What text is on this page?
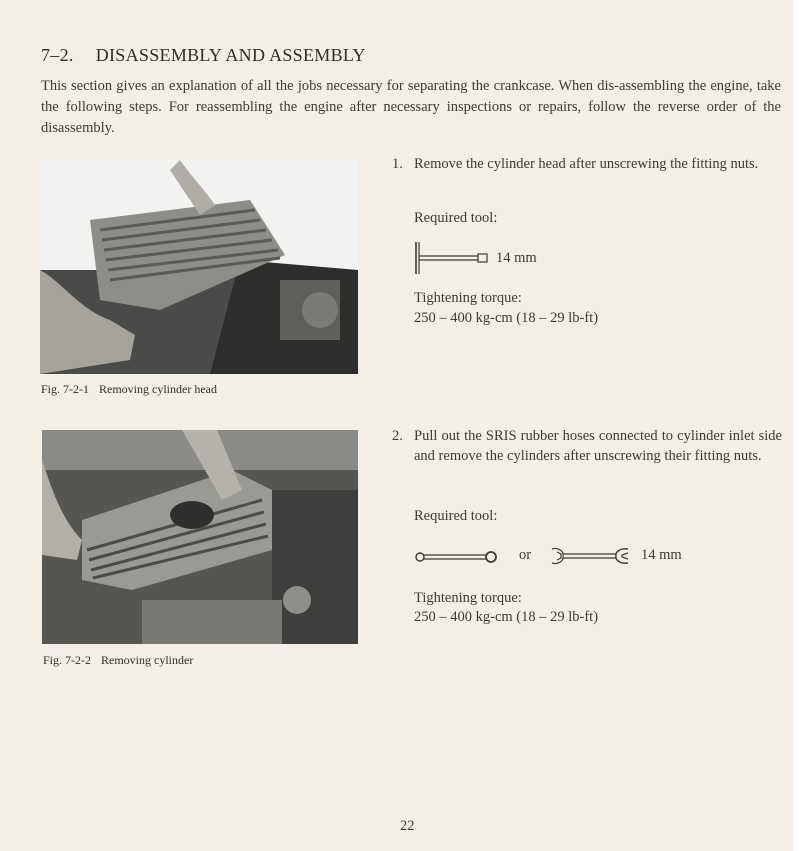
7–2. DISASSEMBLY AND ASSEMBLY
This section gives an explanation of all the jobs necessary for separating the crankcase. When dis-assembling the engine, take the following steps. For reassembling the engine after necessary inspections or repairs, follow the reverse order of the disassembly.
Fig. 7-2-1 Removing cylinder head
Fig. 7-2-2 Removing cylinder
1. Remove the cylinder head after unscrewing the fitting nuts.
Required tool:
14 mm
Tightening torque:
250 – 400 kg-cm (18 – 29 lb-ft)
2. Pull out the SRIS rubber hoses connected to cylinder inlet side and remove the cylinders after unscrewing their fitting nuts.
Required tool:
or	14 mm
Tightening torque:
250 – 400 kg-cm (18 – 29 lb-ft)
22
